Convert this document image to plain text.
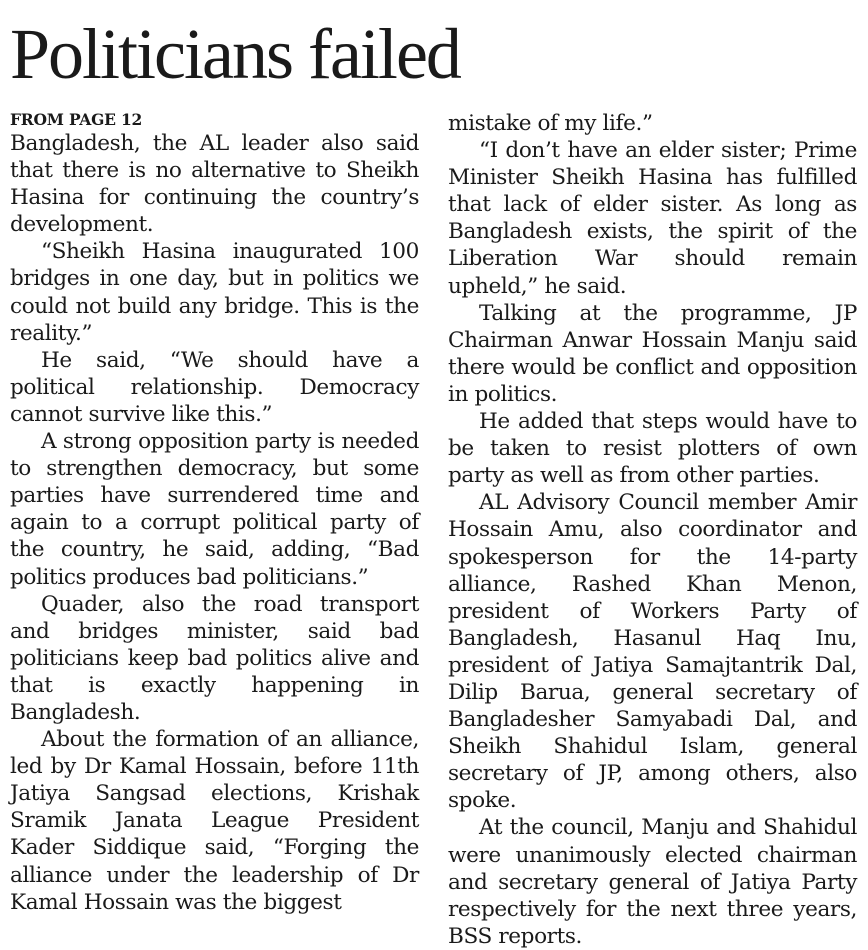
Politicians failed
FROM PAGE 12

Bangladesh, the AL leader also said that there is no alternative to Sheikh Hasina for continuing the country’s development.

“Sheikh Hasina inaugurated 100 bridges in one day, but in politics we could not build any bridge. This is the reality.”

He said, “We should have a political relationship. Democracy cannot survive like this.”

A strong opposition party is needed to strengthen democracy, but some parties have surrendered time and again to a corrupt political party of the country, he said, adding, “Bad politics produces bad politicians.”

Quader, also the road transport and bridges minister, said bad politicians keep bad politics alive and that is exactly happening in Bangladesh.

About the formation of an alliance, led by Dr Kamal Hossain, before 11th Jatiya Sangsad elections, Krishak Sramik Janata League President Kader Siddique said, “Forging the alliance under the leadership of Dr Kamal Hossain was the biggest

mistake of my life.”

“I don’t have an elder sister; Prime Minister Sheikh Hasina has fulfilled that lack of elder sister. As long as Bangladesh exists, the spirit of the Liberation War should remain upheld,” he said.

Talking at the programme, JP Chairman Anwar Hossain Manju said there would be conflict and opposition in politics.

He added that steps would have to be taken to resist plotters of own party as well as from other parties.

AL Advisory Council member Amir Hossain Amu, also coordinator and spokesperson for the 14-party alliance, Rashed Khan Menon, president of Workers Party of Bangladesh, Hasanul Haq Inu, president of Jatiya Samajtantrik Dal, Dilip Barua, general secretary of Bangladesher Samyabadi Dal, and Sheikh Shahidul Islam, general secretary of JP, among others, also spoke.

At the council, Manju and Shahidul were unanimously elected chairman and secretary general of Jatiya Party respectively for the next three years, BSS reports.
